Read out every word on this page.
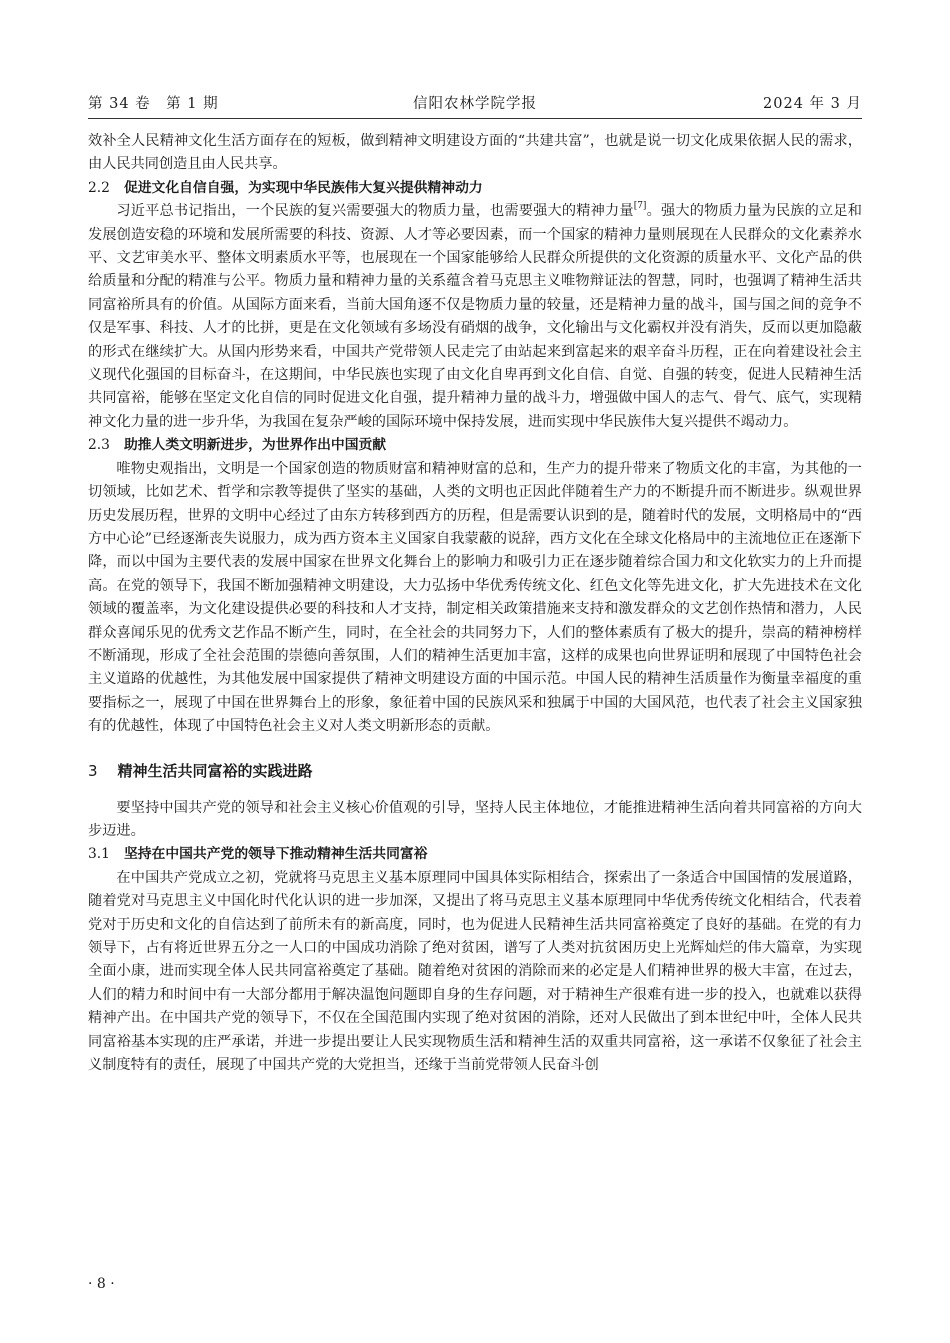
第 34 卷　第 1 期	信阳农林学院学报	2024 年 3 月

效补全人民精神文化生活方面存在的短板，做到精神文明建设方面的“共建共富”，也就是说一切文化成果依据人民的需求，由人民共同创造且由人民共享。

2.2 促进文化自信自强，为实现中华民族伟大复兴提供精神动力

习近平总书记指出，一个民族的复兴需要强大的物质力量，也需要强大的精神力量[7]。强大的物质力量为民族的立足和发展创造安稳的环境和发展所需要的科技、资源、人才等必要因素，而一个国家的精神力量则展现在人民群众的文化素养水平、文艺审美水平、整体文明素质水平等，也展现在一个国家能够给人民群众所提供的文化资源的质量水平、文化产品的供给质量和分配的精准与公平。物质力量和精神力量的关系蕴含着马克思主义唯物辩证法的智慧，同时，也强调了精神生活共同富裕所具有的价值。从国际方面来看，当前大国角逐不仅是物质力量的较量，还是精神力量的战斗，国与国之间的竞争不仅是军事、科技、人才的比拼，更是在文化领域有多场没有硝烟的战争，文化输出与文化霸权并没有消失，反而以更加隐蔽的形式在继续扩大。从国内形势来看，中国共产党带领人民走完了由站起来到富起来的艰辛奋斗历程，正在向着建设社会主义现代化强国的目标奋斗，在这期间，中华民族也实现了由文化自卑再到文化自信、自觉、自强的转变，促进人民精神生活共同富裕，能够在坚定文化自信的同时促进文化自强，提升精神力量的战斗力，增强做中国人的志气、骨气、底气，实现精神文化力量的进一步升华，为我国在复杂严峻的国际环境中保持发展，进而实现中华民族伟大复兴提供不竭动力。

2.3 助推人类文明新进步，为世界作出中国贡献

唯物史观指出，文明是一个国家创造的物质财富和精神财富的总和，生产力的提升带来了物质文化的丰富，为其他的一切领域，比如艺术、哲学和宗教等提供了坚实的基础，人类的文明也正因此伴随着生产力的不断提升而不断进步。纵观世界历史发展历程，世界的文明中心经过了由东方转移到西方的历程，但是需要认识到的是，随着时代的发展，文明格局中的“西方中心论”已经逐渐丧失说服力，成为西方资本主义国家自我蒙蔽的说辞，西方文化在全球文化格局中的主流地位正在逐渐下降，而以中国为主要代表的发展中国家在世界文化舞台上的影响力和吸引力正在逐步随着综合国力和文化软实力的上升而提高。在党的领导下，我国不断加强精神文明建设，大力弘扬中华优秀传统文化、红色文化等先进文化，扩大先进技术在文化领域的覆盖率，为文化建设提供必要的科技和人才支持，制定相关政策措施来支持和激发群众的文艺创作热情和潜力，人民群众喜闻乐见的优秀文艺作品不断产生，同时，在全社会的共同努力下，人们的整体素质有了极大的提升，崇高的精神榜样不断涌现，形成了全社会范围的崇德向善氛围，人们的精神生活更加丰富，这样的成果也向世界证明和展现了中国特色社会主义道路的优越性，为其他发展中国家提供了精神文明建设方面的中国示范。中国人民的精神生活质量作为衡量幸福度的重要指标之一，展现了中国在世界舞台上的形象，象征着中国的民族风采和独属于中国的大国风范，也代表了社会主义国家独有的优越性，体现了中国特色社会主义对人类文明新形态的贡献。

3 精神生活共同富裕的实践进路

要坚持中国共产党的领导和社会主义核心价值观的引导，坚持人民主体地位，才能推进精神生活向着共同富裕的方向大步迈进。

3.1 坚持在中国共产党的领导下推动精神生活共同富裕

在中国共产党成立之初，党就将马克思主义基本原理同中国具体实际相结合，探索出了一条适合中国国情的发展道路，随着党对马克思主义中国化时代化认识的进一步加深，又提出了将马克思主义基本原理同中华优秀传统文化相结合，代表着党对于历史和文化的自信达到了前所未有的新高度，同时，也为促进人民精神生活共同富裕奠定了良好的基础。在党的有力领导下，占有将近世界五分之一人口的中国成功消除了绝对贫困，谱写了人类对抗贫困历史上光辉灿烂的伟大篇章，为实现全面小康，进而实现全体人民共同富裕奠定了基础。随着绝对贫困的消除而来的必定是人们精神世界的极大丰富，在过去，人们的精力和时间中有一大部分都用于解决温饱问题即自身的生存问题，对于精神生产很难有进一步的投入，也就难以获得精神产出。在中国共产党的领导下，不仅在全国范围内实现了绝对贫困的消除，还对人民做出了到本世纪中叶，全体人民共同富裕基本实现的庄严承诺，并进一步提出要让人民实现物质生活和精神生活的双重共同富裕，这一承诺不仅象征了社会主义制度特有的责任，展现了中国共产党的大党担当，还缘于当前党带领人民奋斗创

· 8 ·
